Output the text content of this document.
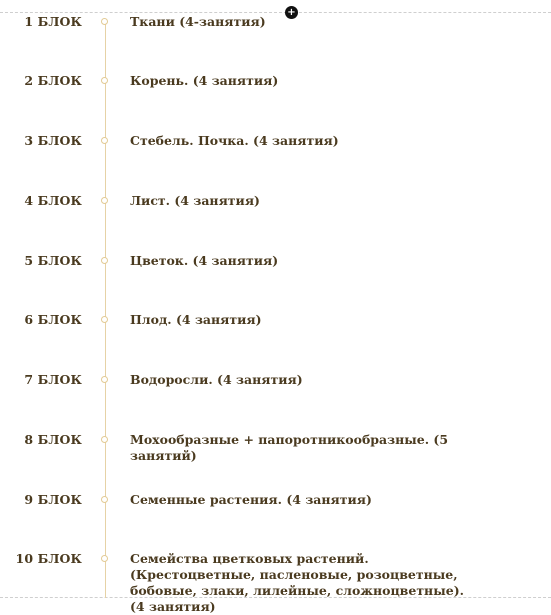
+
1 БЛОК	Ткани (4-занятия)
2 БЛОК	Корень. (4 занятия)
3 БЛОК	Стебель. Почка. (4 занятия)
4 БЛОК	Лист. (4 занятия)
5 БЛОК	Цветок. (4 занятия)
6 БЛОК	Плод. (4 занятия)
7 БЛОК	Водоросли. (4 занятия)
8 БЛОК	Мохообразные + папоротникообразные. (5 занятий)
9 БЛОК	Семенные растения. (4 занятия)
10 БЛОК	Семейства цветковых растений. (Крестоцветные, пасленовые, розоцветные, бобовые, злаки, лилейные, сложноцветные). (4 занятия)
